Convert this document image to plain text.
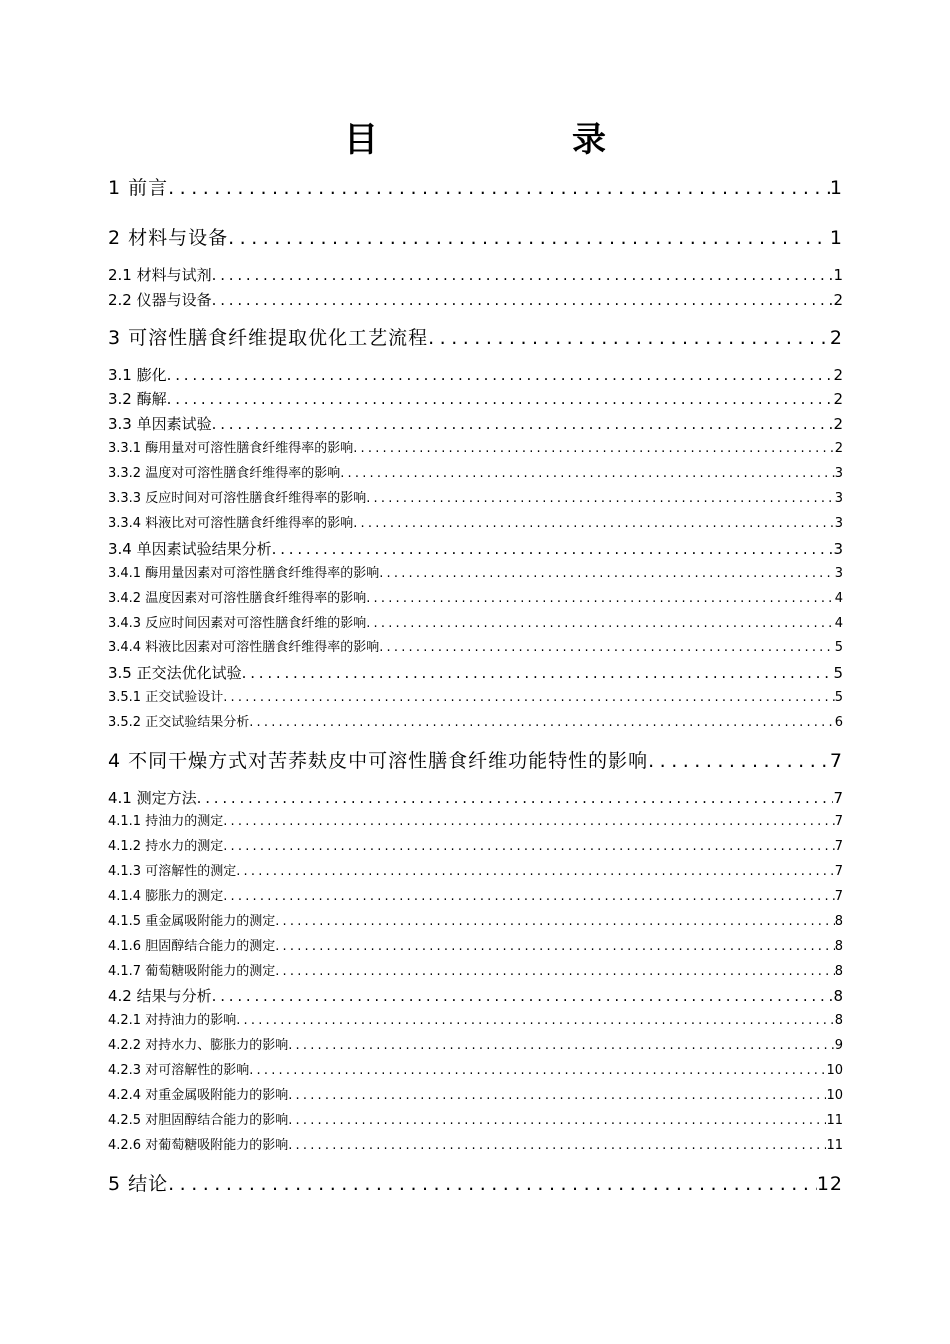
目　　录
1 前言 .....	1
2 材料与设备 .....	1
2.1 材料与试剂 .....	1
2.2 仪器与设备 .....	2
3 可溶性膳食纤维提取优化工艺流程 .....	2
3.1 膨化 .....	2
3.2 酶解 .....	2
3.3 单因素试验 .....	2
3.3.1 酶用量对可溶性膳食纤维得率的影响 .....	2
3.3.2 温度对可溶性膳食纤维得率的影响 .....	3
3.3.3 反应时间对可溶性膳食纤维得率的影响 .....	3
3.3.4 料液比对可溶性膳食纤维得率的影响 .....	3
3.4 单因素试验结果分析 .....	3
3.4.1 酶用量因素对可溶性膳食纤维得率的影响 .....	3
3.4.2 温度因素对可溶性膳食纤维得率的影响 .....	4
3.4.3 反应时间因素对可溶性膳食纤维的影响 .....	4
3.4.4 料液比因素对可溶性膳食纤维得率的影响 .....	5
3.5 正交法优化试验 .....	5
3.5.1 正交试验设计 .....	5
3.5.2 正交试验结果分析 .....	6
4 不同干燥方式对苦荞麸皮中可溶性膳食纤维功能特性的影响 .....	7
4.1 测定方法 .....	7
4.1.1 持油力的测定 .....	7
4.1.2 持水力的测定 .....	7
4.1.3 可溶解性的测定 .....	7
4.1.4 膨胀力的测定 .....	7
4.1.5 重金属吸附能力的测定 .....	8
4.1.6 胆固醇结合能力的测定 .....	8
4.1.7 葡萄糖吸附能力的测定 .....	8
4.2 结果与分析 .....	8
4.2.1 对持油力的影响 .....	8
4.2.2 对持水力、膨胀力的影响 .....	9
4.2.3 对可溶解性的影响 .....	10
4.2.4 对重金属吸附能力的影响 .....	10
4.2.5 对胆固醇结合能力的影响 .....	11
4.2.6 对葡萄糖吸附能力的影响 .....	11
5 结论 .....	12
